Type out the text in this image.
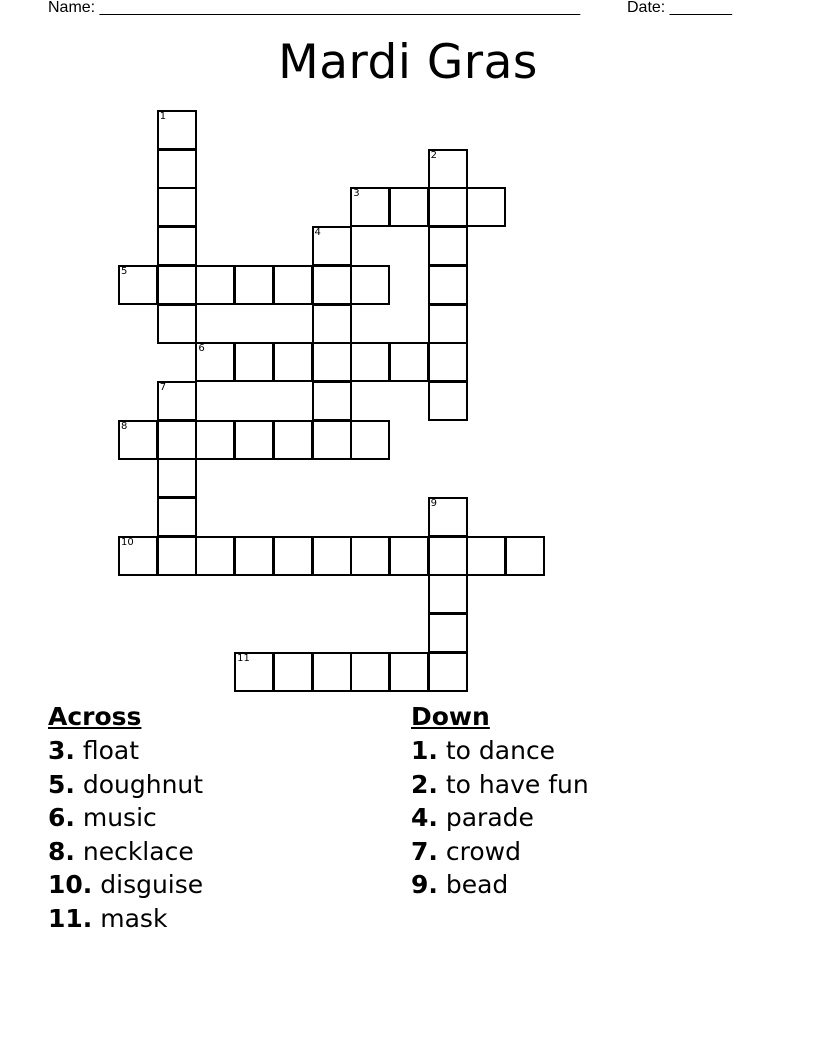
Name: ______________________________________________________	Date: _______
Mardi Gras
1
2
3
4
5
6
7
8
9
10
11
Across
3. float
5. doughnut
6. music
8. necklace
10. disguise
11. mask
Down
1. to dance
2. to have fun
4. parade
7. crowd
9. bead
